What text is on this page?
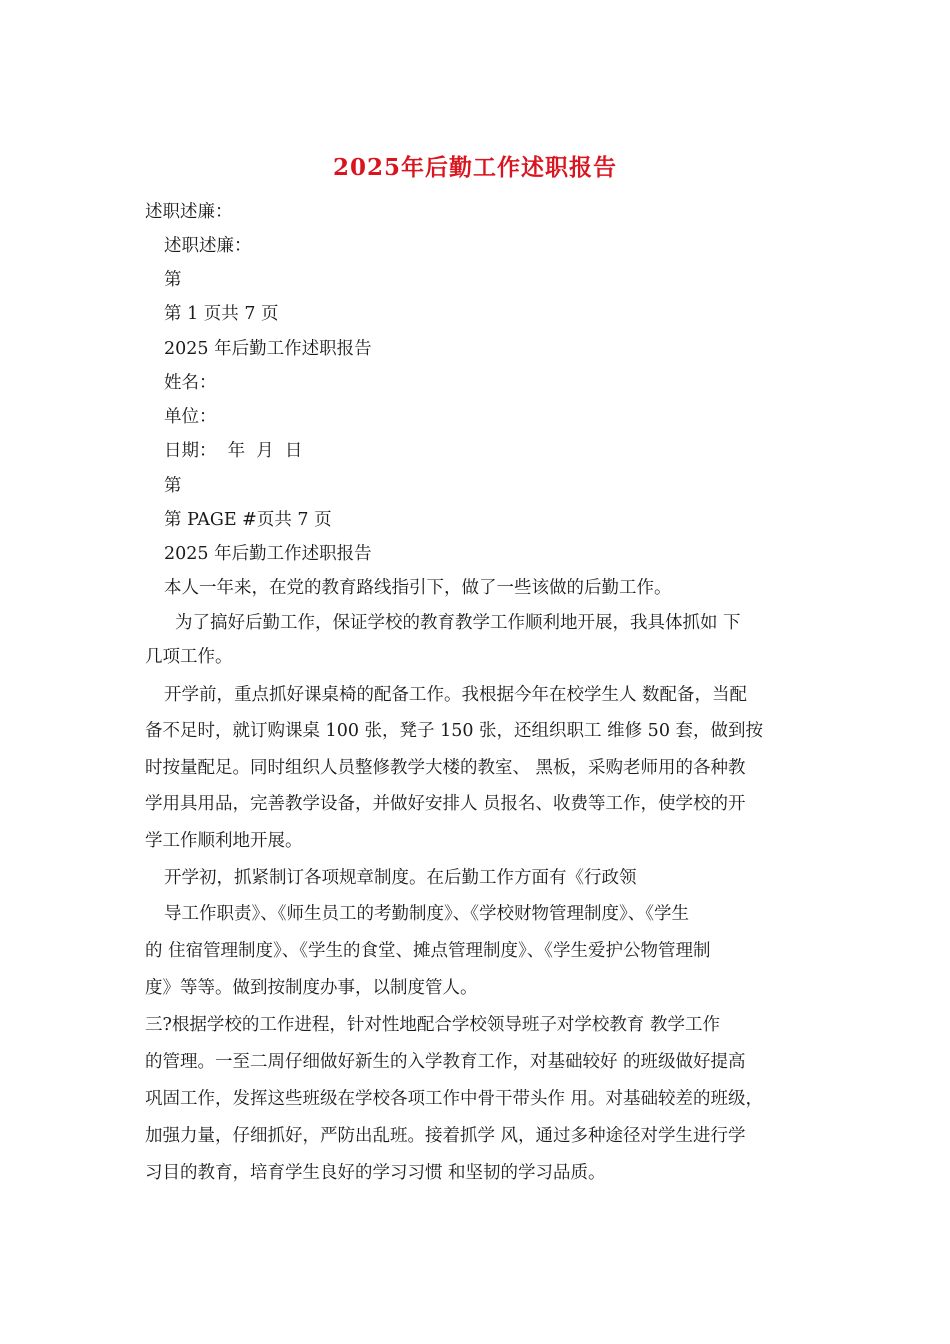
2025年后勤工作述职报告

述职述廉：

述职述廉：

第

第 1 页共 7 页

2025 年后勤工作述职报告

姓名：

单位：

日期：  年  月  日

第

第 PAGE #页共 7 页

2025 年后勤工作述职报告

本人一年来，在党的教育路线指引下，做了一些该做的后勤工作。

为了搞好后勤工作，保证学校的教育教学工作顺利地开展，我具体抓如 下

几项工作。

开学前，重点抓好课桌椅的配备工作。我根据今年在校学生人 数配备，当配

备不足时，就订购课桌 100 张，凳子 150 张，还组织职工 维修 50 套，做到按

时按量配足。同时组织人员整修教学大楼的教室、 黑板，采购老师用的各种教

学用具用品，完善教学设备，并做好安排人 员报名、收费等工作，使学校的开

学工作顺利地开展。

开学初，抓紧制订各项规章制度。在后勤工作方面有《行政领

导工作职责》、《师生员工的考勤制度》、《学校财物管理制度》、《学生

的 住宿管理制度》、《学生的食堂、摊点管理制度》、《学生爱护公物管理制

度》等等。做到按制度办事，以制度管人。

三?根据学校的工作进程，针对性地配合学校领导班子对学校教育 教学工作

的管理。一至二周仔细做好新生的入学教育工作，对基础较好 的班级做好提高

巩固工作，发挥这些班级在学校各项工作中骨干带头作 用。对基础较差的班级，

加强力量，仔细抓好，严防出乱班。接着抓学 风，通过多种途径对学生进行学

习目的教育，培育学生良好的学习习惯 和坚韧的学习品质。
